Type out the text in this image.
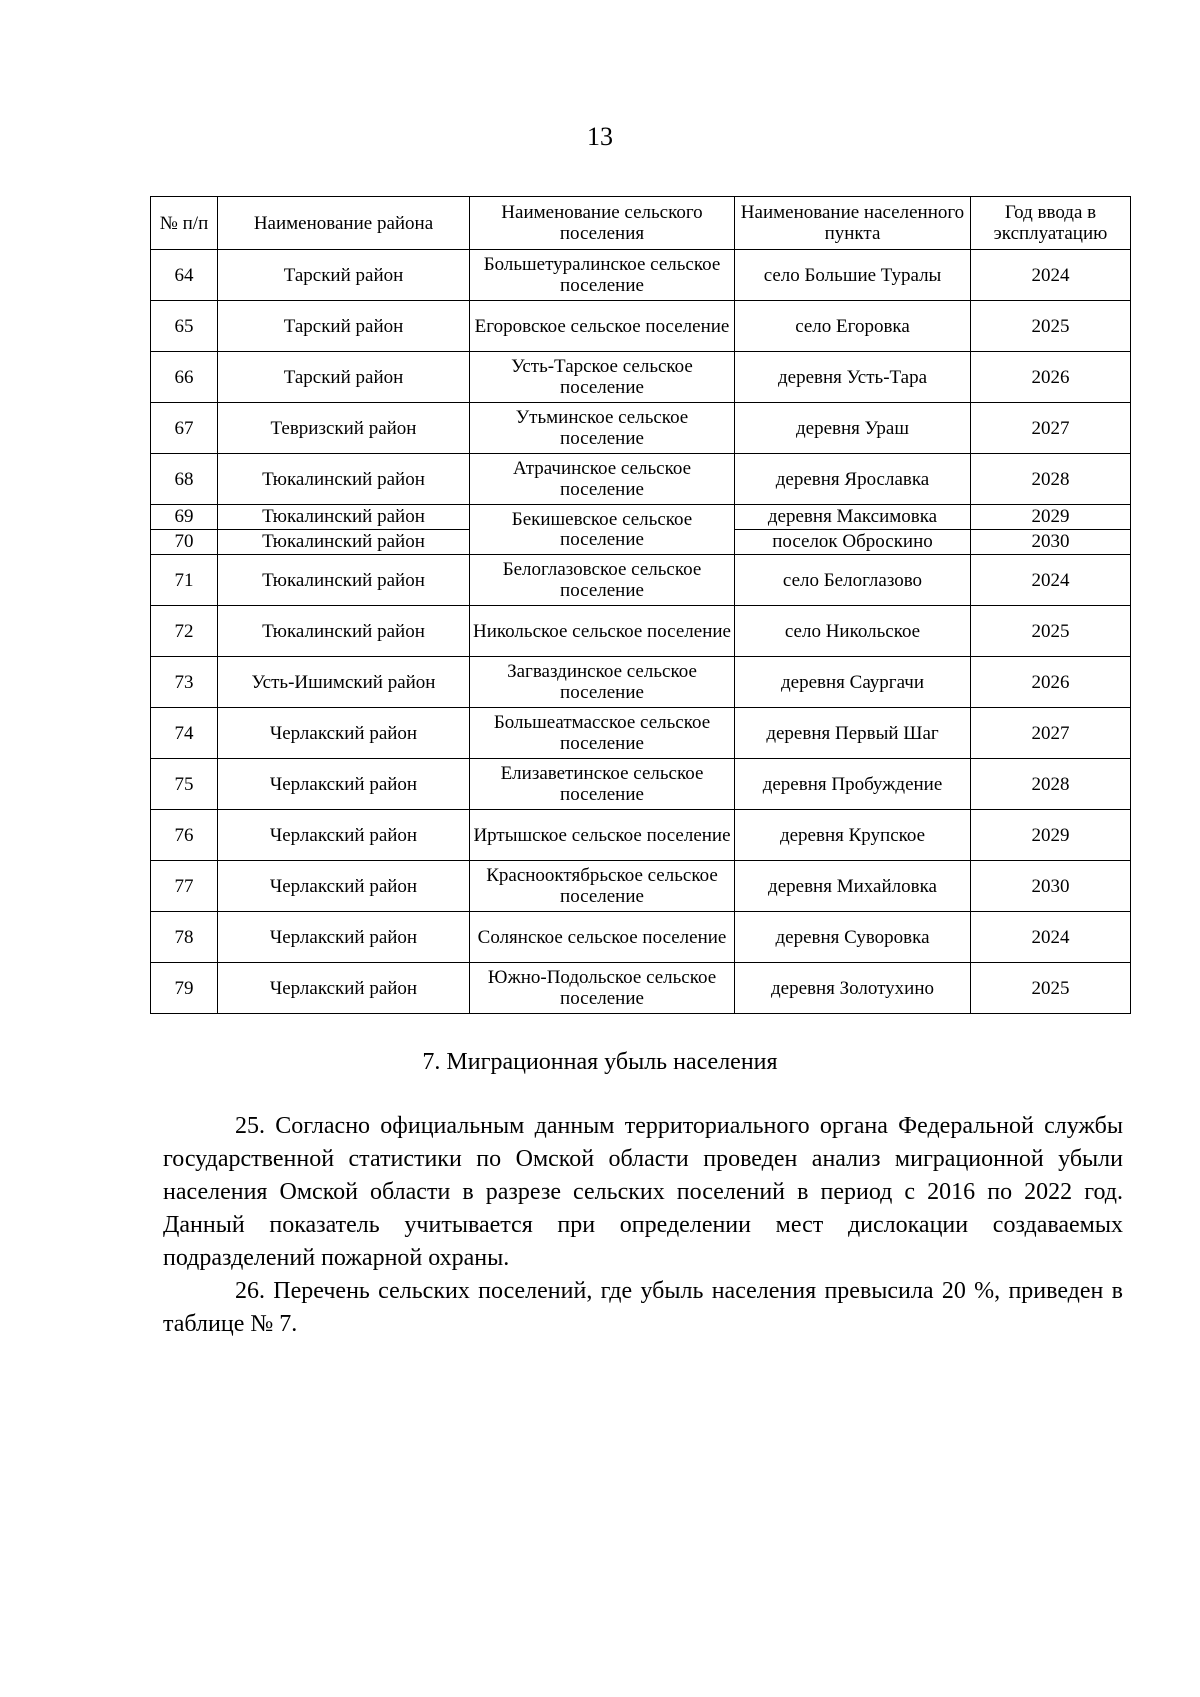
13
№ п/п	Наименование района	Наименование сельского поселения	Наименование населенного пункта	Год ввода в эксплуатацию
64	Тарский район	Большетуралинское сельское поселение	село Большие Туралы	2024
65	Тарский район	Егоровское сельское поселение	село Егоровка	2025
66	Тарский район	Усть-Тарское сельское поселение	деревня Усть-Тара	2026
67	Тевризский район	Утьминское сельское поселение	деревня Ураш	2027
68	Тюкалинский район	Атрачинское сельское поселение	деревня Ярославка	2028
69	Тюкалинский район	Бекишевское сельское поселение	деревня Максимовка	2029
70	Тюкалинский район		поселок Оброскино	2030
71	Тюкалинский район	Белоглазовское сельское поселение	село Белоглазово	2024
72	Тюкалинский район	Никольское сельское поселение	село Никольское	2025
73	Усть-Ишимский район	Загваздинское сельское поселение	деревня Саургачи	2026
74	Черлакский район	Большеатмасское сельское поселение	деревня Первый Шаг	2027
75	Черлакский район	Елизаветинское сельское поселение	деревня Пробуждение	2028
76	Черлакский район	Иртышское сельское поселение	деревня Крупское	2029
77	Черлакский район	Краснооктябрьское сельское поселение	деревня Михайловка	2030
78	Черлакский район	Солянское сельское поселение	деревня Суворовка	2024
79	Черлакский район	Южно-Подольское сельское поселение	деревня Золотухино	2025
7. Миграционная убыль населения

25. Согласно официальным данным территориального органа Федеральной службы государственной статистики по Омской области проведен анализ миграционной убыли населения Омской области в разрезе сельских поселений в период с 2016 по 2022 год. Данный показатель учитывается при определении мест дислокации создаваемых подразделений пожарной охраны.

26. Перечень сельских поселений, где убыль населения превысила 20 %, приведен в таблице № 7.
